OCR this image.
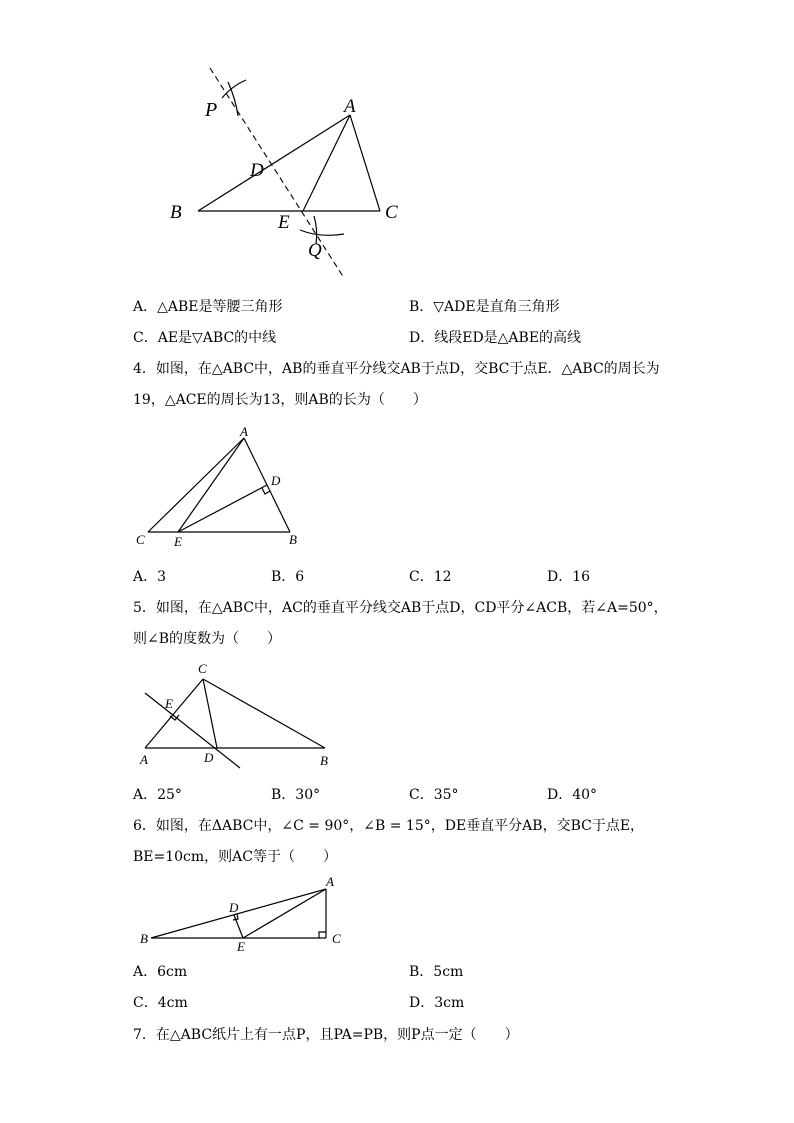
P	A
D
B	E	C
Q
A．△ABE是等腰三角形	B．▽ADE是直角三角形
C．AE是▽ABC的中线	D．线段ED是△ABE的高线
4．如图，在△ABC中，AB的垂直平分线交AB于点D，交BC于点E．△ABC的周长为
19，△ACE的周长为13，则AB的长为（　　）
A
D
C E	B
A．3	B．6	C．12	D．16
5．如图，在△ABC中，AC的垂直平分线交AB于点D，CD平分∠ACB，若∠A=50°，
则∠B的度数为（　　）
C
E
A	D	B
A．25°	B．30°	C．35°	D．40°
6．如图，在ΔABC中，∠C = 90°，∠B = 15°，DE垂直平分AB，交BC于点E，
BE=10cm，则AC等于（　　）
A
D
B
E
C
A．6cm	B．5cm
C．4cm	D．3cm
7．在△ABC纸片上有一点P，且PA=PB，则P点一定（　　）
